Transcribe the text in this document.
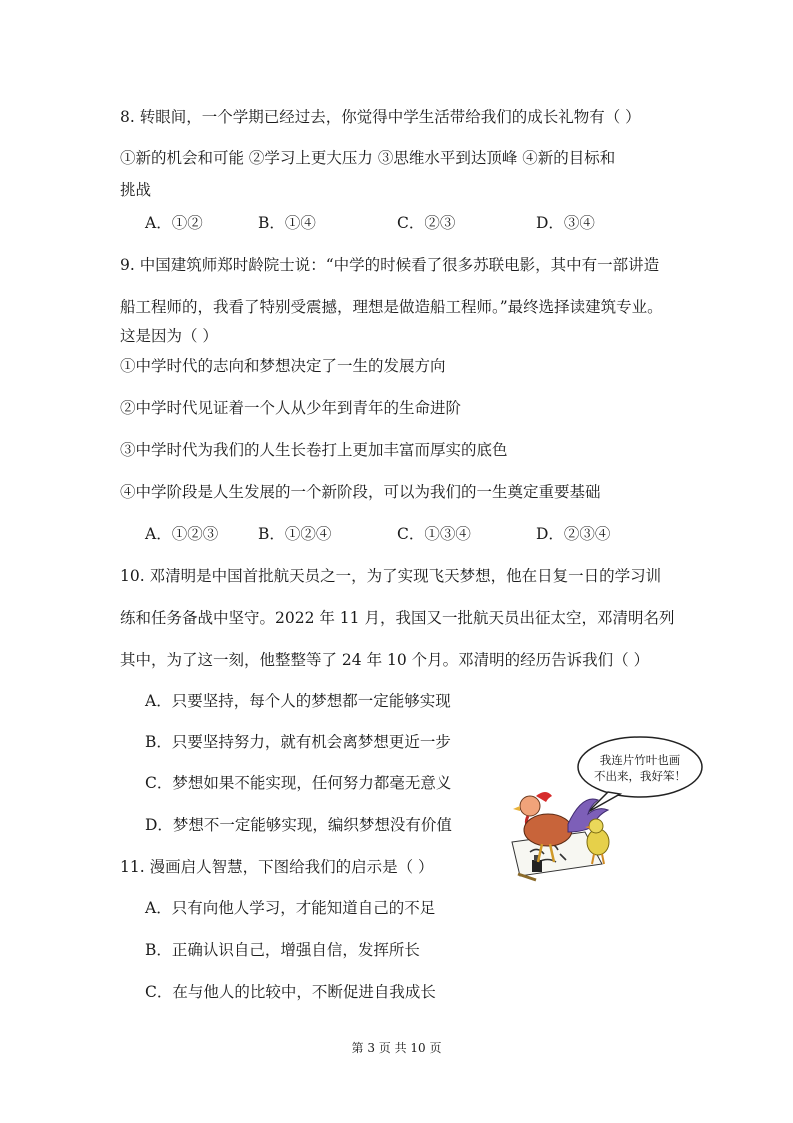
8. 转眼间，一个学期已经过去，你觉得中学生活带给我们的成长礼物有（ ）
①新的机会和可能 ②学习上更大压力 ③思维水平到达顶峰 ④新的目标和
挑战
A．①②	B．①④	C．②③	D．③④
9. 中国建筑师郑时龄院士说：“中学的时候看了很多苏联电影，其中有一部讲造
船工程师的，我看了特别受震撼，理想是做造船工程师。”最终选择读建筑专业。
这是因为（ ）
①中学时代的志向和梦想决定了一生的发展方向
②中学时代见证着一个人从少年到青年的生命进阶
③中学时代为我们的人生长卷打上更加丰富而厚实的底色
④中学阶段是人生发展的一个新阶段，可以为我们的一生奠定重要基础
A．①②③	B．①②④	C．①③④	D．②③④
10. 邓清明是中国首批航天员之一，为了实现飞天梦想，他在日复一日的学习训
练和任务备战中坚守。2022 年 11 月，我国又一批航天员出征太空，邓清明名列
其中，为了这一刻，他整整等了 24 年 10 个月。邓清明的经历告诉我们（ ）
A．只要坚持，每个人的梦想都一定能够实现
B．只要坚持努力，就有机会离梦想更近一步
C．梦想如果不能实现，任何努力都毫无意义
D．梦想不一定能够实现，编织梦想没有价值
11. 漫画启人智慧，下图给我们的启示是（ ）
A．只有向他人学习，才能知道自己的不足
B．正确认识自己，增强自信，发挥所长
C．在与他人的比较中，不断促进自我成长
我连片竹叶也画
不出来，我好笨！
第 3 页 共 10 页
